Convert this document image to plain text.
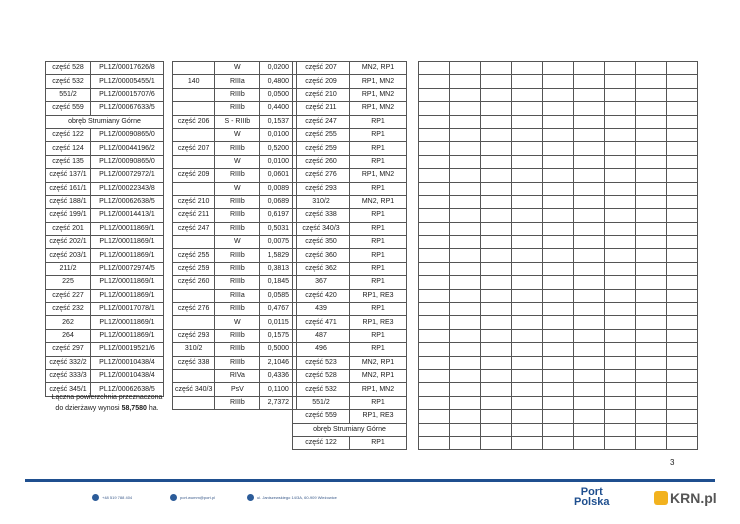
część 528	PL1Z/00017626/8
część 532	PL1Z/00005455/1
551/2	PL1Z/00015707/6
część 559	PL1Z/00067633/5
obręb Strumiany Górne	
część 122	PL1Z/00090865/0
część 124	PL1Z/00044196/2
część 135	PL1Z/00090865/0
część 137/1	PL1Z/00072972/1
część 161/1	PL1Z/00022343/8
część 188/1	PL1Z/00062638/5
część 199/1	PL1Z/00014413/1
część 201	PL1Z/00011869/1
część 202/1	PL1Z/00011869/1
część 203/1	PL1Z/00011869/1
211/2	PL1Z/00072974/5
225	PL1Z/00011869/1
część 227	PL1Z/00011869/1
część 232	PL1Z/00017078/1
262	PL1Z/00011869/1
264	PL1Z/00011869/1
część 297	PL1Z/00019521/6
część 332/2	PL1Z/00010438/4
część 333/3	PL1Z/00010438/4
część 345/1	PL1Z/00062638/5
Łączna powierzchnia przeznaczona
do dzierżawy wynosi 58,7580 ha.
	W	0,0200
140	RIIIa	0,4800
	RIIIb	0,0500
	RIIIb	0,4400
część 206	S - RIIIb	0,1537
	W	0,0100
część 207	RIIIb	0,5200
	W	0,0100
część 209	RIIIb	0,0601
	W	0,0089
część 210	RIIIb	0,0689
część 211	RIIIb	0,6197
część 247	RIIIb	0,5031
	W	0,0075
część 255	RIIIb	1,5829
część 259	RIIIb	0,3813
część 260	RIIIb	0,1845
	RIIIa	0,0585
część 276	RIIIb	0,4767
	W	0,0115
część 293	RIIIb	0,1575
310/2	RIIIb	0,5000
część 338	RIIIb	2,1046
	RIVa	0,4336
część 340/3	PsV	0,1100
	RIIIb	2,7372
część 207	MN2, RP1
część 209	RP1, MN2
część 210	RP1, MN2
część 211	RP1, MN2
część 247	RP1
część 255	RP1
część 259	RP1
część 260	RP1
część 276	RP1, MN2
część 293	RP1
310/2	MN2, RP1
część 338	RP1
część 340/3	RP1
część 350	RP1
część 360	RP1
część 362	RP1
367	RP1
część 420	RP1, RE3
439	RP1
część 471	RP1, RE3
487	RP1
496	RP1
część 523	MN2, RP1
część 528	MN2, RP1
część 532	RP1, MN2
551/2	RP1
część 559	RP1, RE3
obręb Strumiany Górne	
część 122	RP1

3
+48 519 788 404	port.wumm@port.pl	ul. Janiszewskiego 14/3A, 60-909 Wieżowice	Port
Polska	KRN.pl
